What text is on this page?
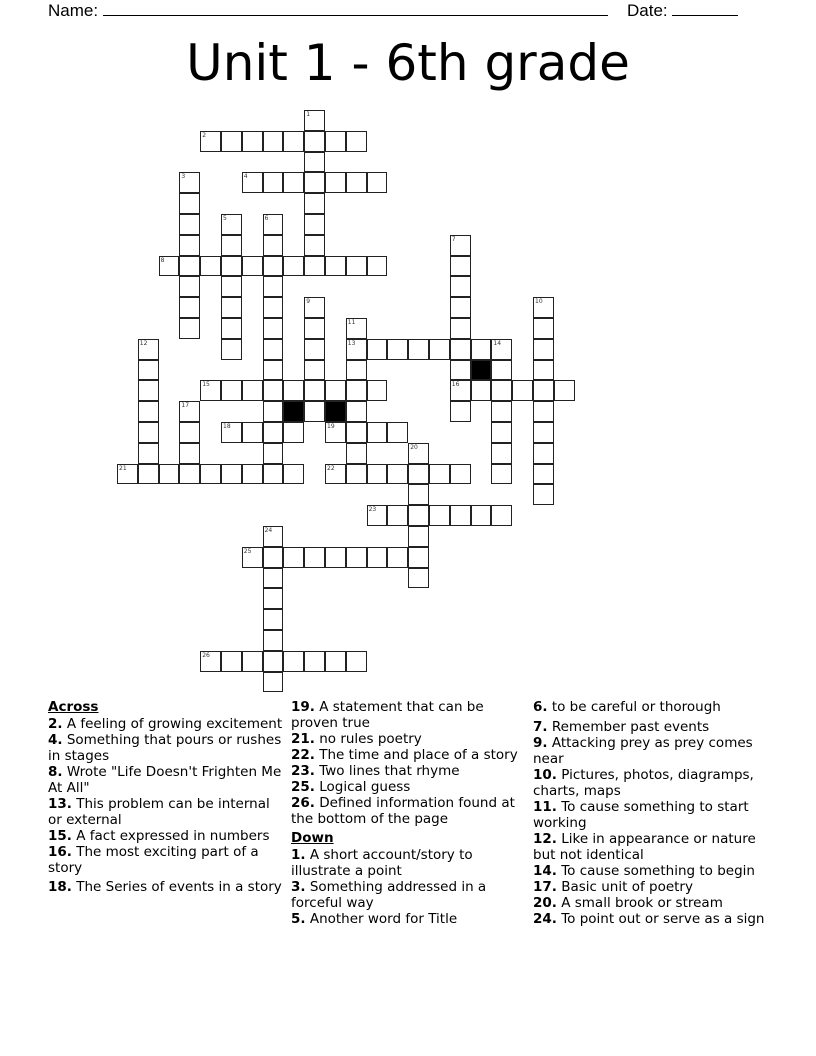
Name:	Date:
Unit 1 - 6th grade
1
2
3	4
5	6
7
16
8
9	10
11
13
12	14
15
17
18	19
20
21	22
23
24
25
26
Across
2. A feeling of growing excitement
4. Something that pours or rushes in stages
8. Wrote "Life Doesn't Frighten Me At All"
13. This problem can be internal or external
15. A fact expressed in numbers
16. The most exciting part of a story
18. The Series of events in a story
19. A statement that can be proven true
21. no rules poetry
22. The time and place of a story
23. Two lines that rhyme
25. Logical guess
26. Defined information found at the bottom of the page
Down
1. A short account/story to illustrate a point
3. Something addressed in a forceful way
5. Another word for Title
6. to be careful or thorough
7. Remember past events
9. Attacking prey as prey comes near
10. Pictures, photos, diagramps, charts, maps
11. To cause something to start working
12. Like in appearance or nature but not identical
14. To cause something to begin
17. Basic unit of poetry
20. A small brook or stream
24. To point out or serve as a sign
